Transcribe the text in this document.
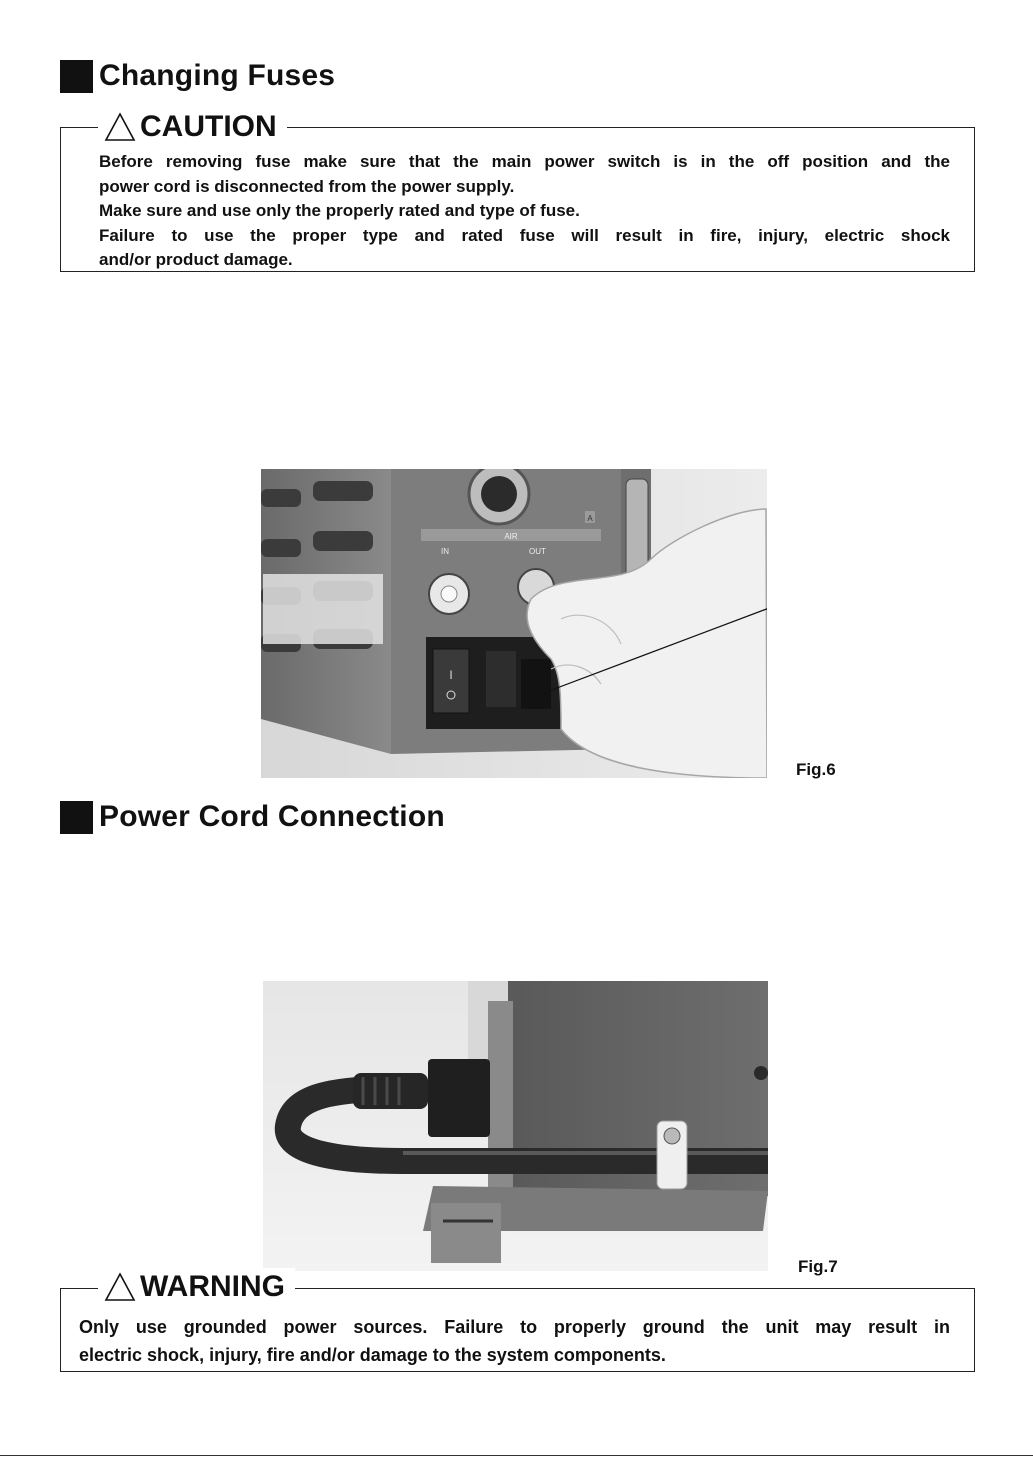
Changing Fuses
Before removing fuse make sure that the main power switch is in the off position and the
power cord is disconnected from the power supply.
Make sure and use only the properly rated and type of fuse.
Failure to use the proper type and rated fuse will result in fire, injury, electric shock
and/or product damage.
CAUTION
AIR
IN	OUT
A
I
Fig.6
Power Cord Connection
Fig.7
Only use grounded power sources. Failure to properly ground the unit may result in
electric shock, injury, fire and/or damage to the system components.
WARNING
